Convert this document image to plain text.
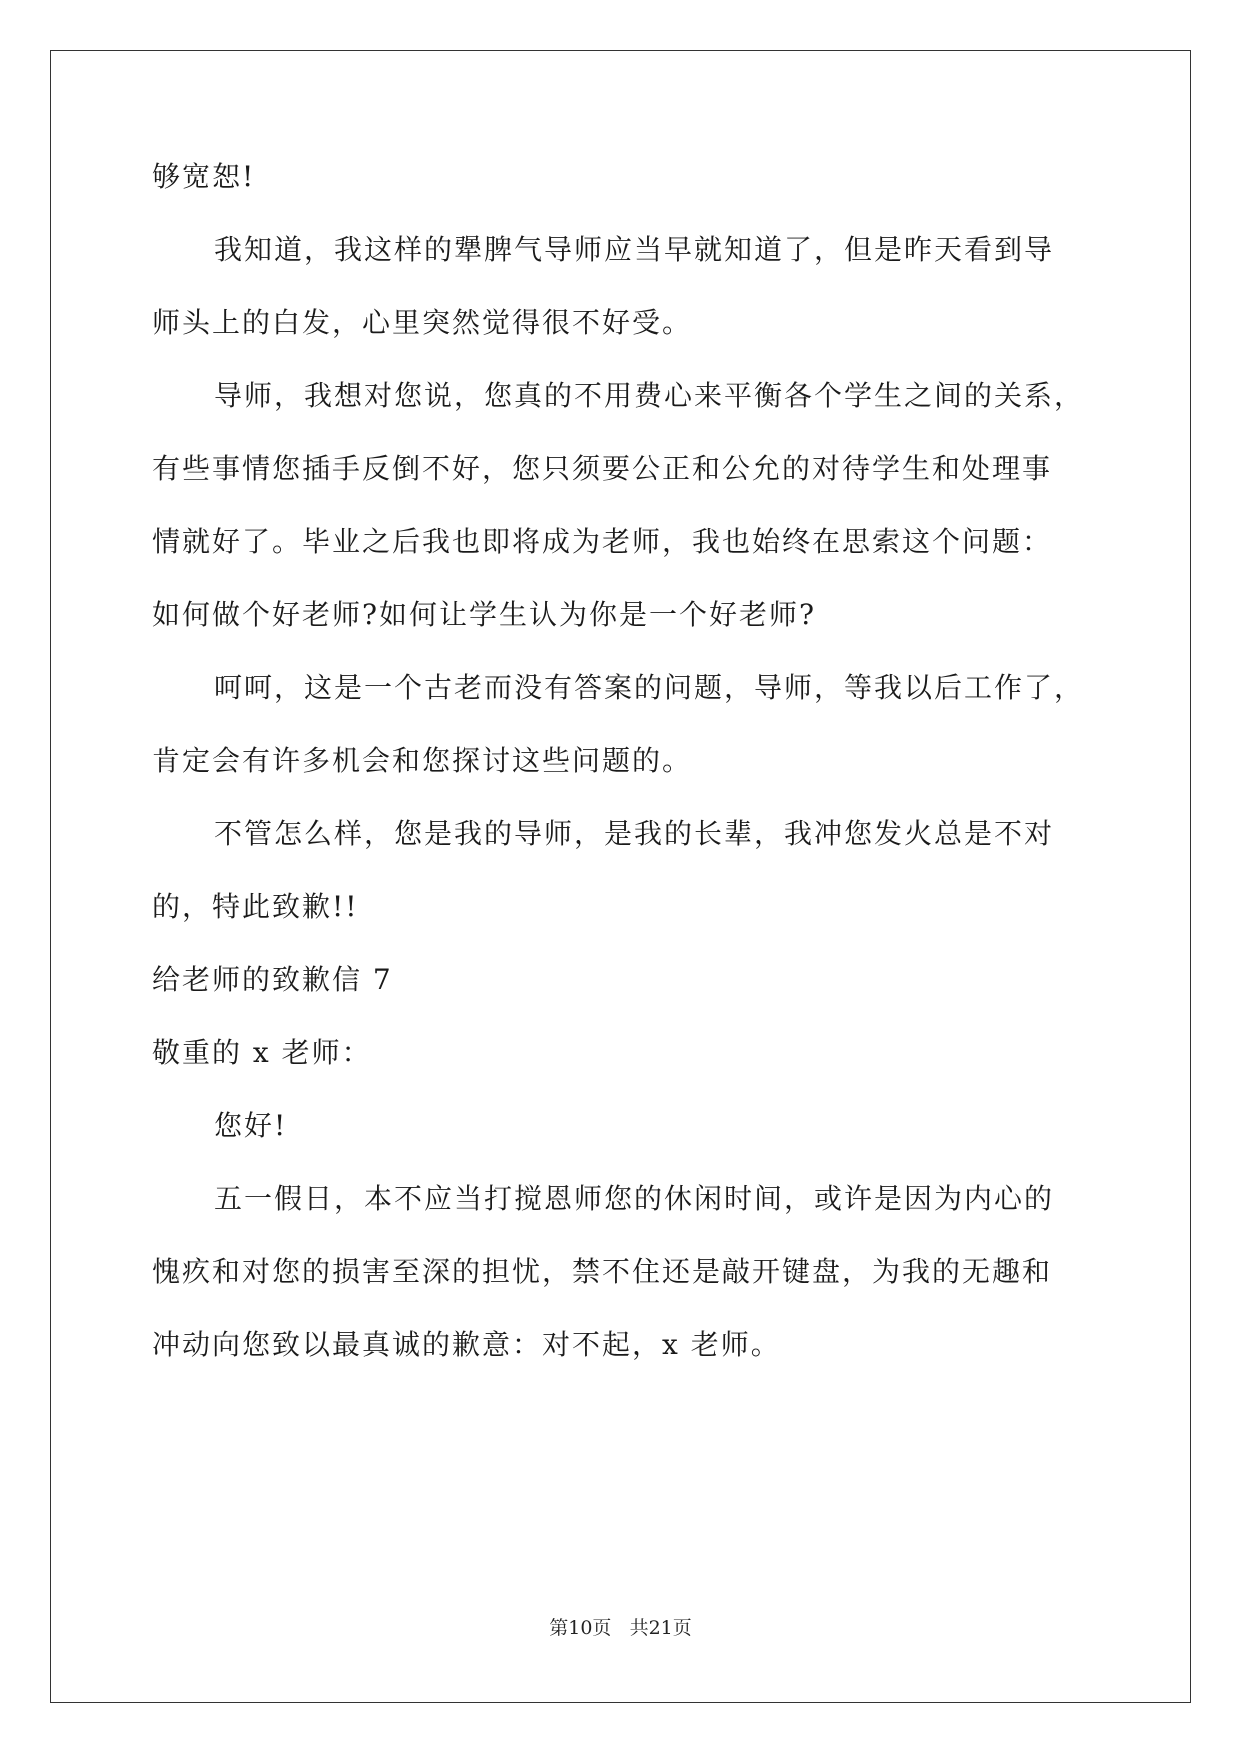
够宽恕!
我知道，我这样的犟脾气导师应当早就知道了，但是昨天看到导
师头上的白发，心里突然觉得很不好受。
导师，我想对您说，您真的不用费心来平衡各个学生之间的关系，
有些事情您插手反倒不好，您只须要公正和公允的对待学生和处理事
情就好了。毕业之后我也即将成为老师，我也始终在思索这个问题：
如何做个好老师?如何让学生认为你是一个好老师?
呵呵，这是一个古老而没有答案的问题，导师，等我以后工作了，
肯定会有许多机会和您探讨这些问题的。
不管怎么样，您是我的导师，是我的长辈，我冲您发火总是不对
的，特此致歉!!
给老师的致歉信 7
敬重的 x 老师：
您好!
五一假日，本不应当打搅恩师您的休闲时间，或许是因为内心的
愧疚和对您的损害至深的担忧，禁不住还是敲开键盘，为我的无趣和
冲动向您致以最真诚的歉意：对不起，x 老师。
第10页 共21页
